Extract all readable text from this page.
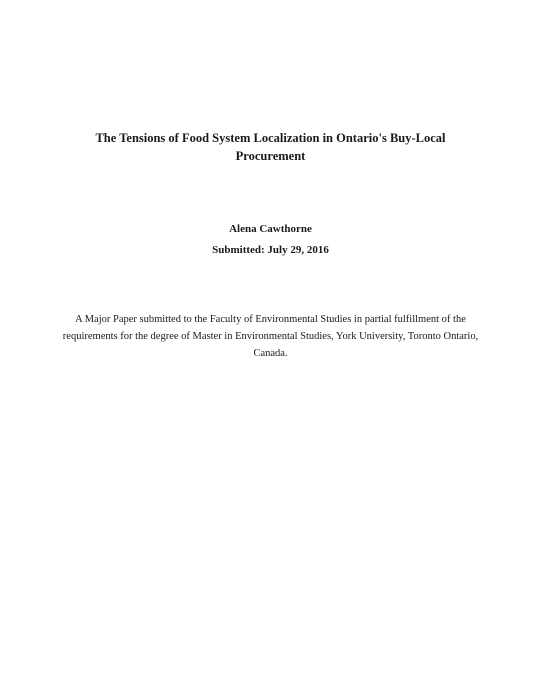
The Tensions of Food System Localization in Ontario's Buy-Local Procurement
Alena Cawthorne
Submitted: July 29, 2016
A Major Paper submitted to the Faculty of Environmental Studies in partial fulfillment of the requirements for the degree of Master in Environmental Studies, York University, Toronto Ontario, Canada.
